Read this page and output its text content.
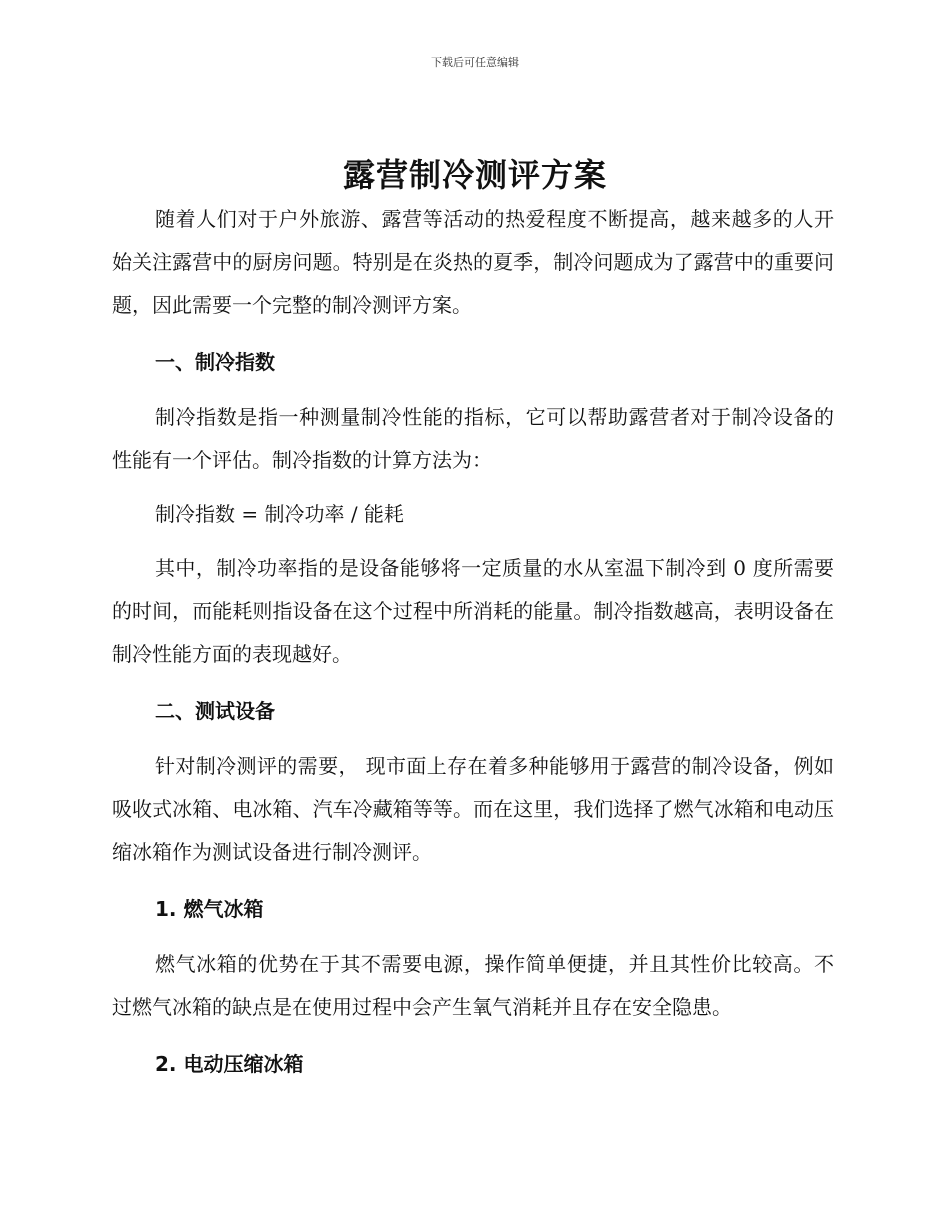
下载后可任意编辑
露营制冷测评方案

随着人们对于户外旅游、露营等活动的热爱程度不断提高，越来越多的人开始关注露营中的厨房问题。特别是在炎热的夏季，制冷问题成为了露营中的重要问题，因此需要一个完整的制冷测评方案。

一、制冷指数

制冷指数是指一种测量制冷性能的指标，它可以帮助露营者对于制冷设备的性能有一个评估。制冷指数的计算方法为：

制冷指数 = 制冷功率 / 能耗

其中，制冷功率指的是设备能够将一定质量的水从室温下制冷到 0 度所需要的时间，而能耗则指设备在这个过程中所消耗的能量。制冷指数越高，表明设备在制冷性能方面的表现越好。

二、测试设备

针对制冷测评的需要， 现市面上存在着多种能够用于露营的制冷设备，例如吸收式冰箱、电冰箱、汽车冷藏箱等等。而在这里，我们选择了燃气冰箱和电动压缩冰箱作为测试设备进行制冷测评。

1. 燃气冰箱

燃气冰箱的优势在于其不需要电源，操作简单便捷，并且其性价比较高。不过燃气冰箱的缺点是在使用过程中会产生氧气消耗并且存在安全隐患。

2. 电动压缩冰箱
